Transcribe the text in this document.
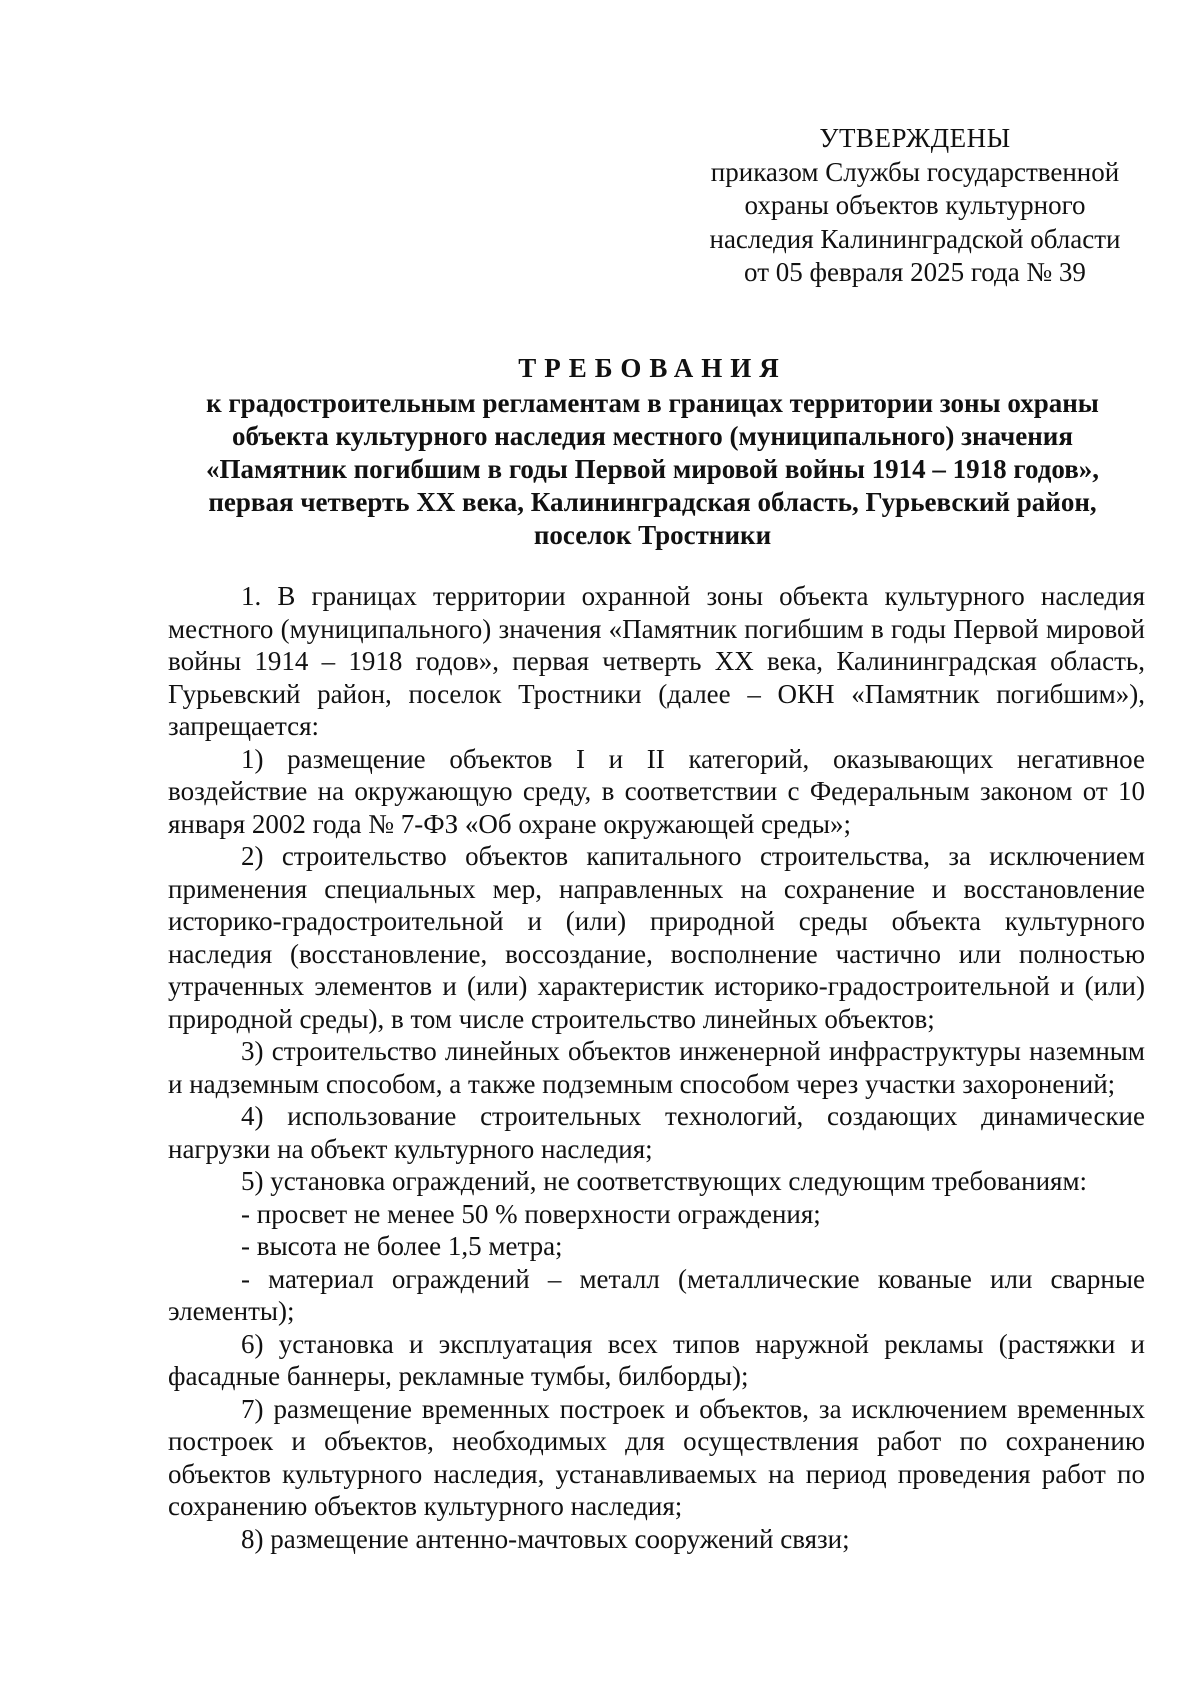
УТВЕРЖДЕНЫ
приказом Службы государственной
охраны объектов культурного
наследия Калининградской области
от 05 февраля 2025 года № 39
ТРЕБОВАНИЯ
к градостроительным регламентам в границах территории зоны охраны объекта культурного наследия местного (муниципального) значения «Памятник погибшим в годы Первой мировой войны 1914 – 1918 годов», первая четверть XX века, Калининградская область, Гурьевский район, поселок Тростники

1. В границах территории охранной зоны объекта культурного наследия местного (муниципального) значения «Памятник погибшим в годы Первой мировой войны 1914 – 1918 годов», первая четверть XX века, Калининградская область, Гурьевский район, поселок Тростники (далее – ОКН «Памятник погибшим»), запрещается:

1) размещение объектов I и II категорий, оказывающих негативное воздействие на окружающую среду, в соответствии с Федеральным законом от 10 января 2002 года № 7-ФЗ «Об охране окружающей среды»;

2) строительство объектов капитального строительства, за исключением применения специальных мер, направленных на сохранение и восстановление историко-градостроительной и (или) природной среды объекта культурного наследия (восстановление, воссоздание, восполнение частично или полностью утраченных элементов и (или) характеристик историко-градостроительной и (или) природной среды), в том числе строительство линейных объектов;

3) строительство линейных объектов инженерной инфраструктуры наземным и надземным способом, а также подземным способом через участки захоронений;

4) использование строительных технологий, создающих динамические нагрузки на объект культурного наследия;

5) установка ограждений, не соответствующих следующим требованиям:

- просвет не менее 50 % поверхности ограждения;

- высота не более 1,5 метра;

- материал ограждений – металл (металлические кованые или сварные элементы);

6) установка и эксплуатация всех типов наружной рекламы (растяжки и фасадные баннеры, рекламные тумбы, билборды);

7) размещение временных построек и объектов, за исключением временных построек и объектов, необходимых для осуществления работ по сохранению объектов культурного наследия, устанавливаемых на период проведения работ по сохранению объектов культурного наследия;

8) размещение антенно-мачтовых сооружений связи;
